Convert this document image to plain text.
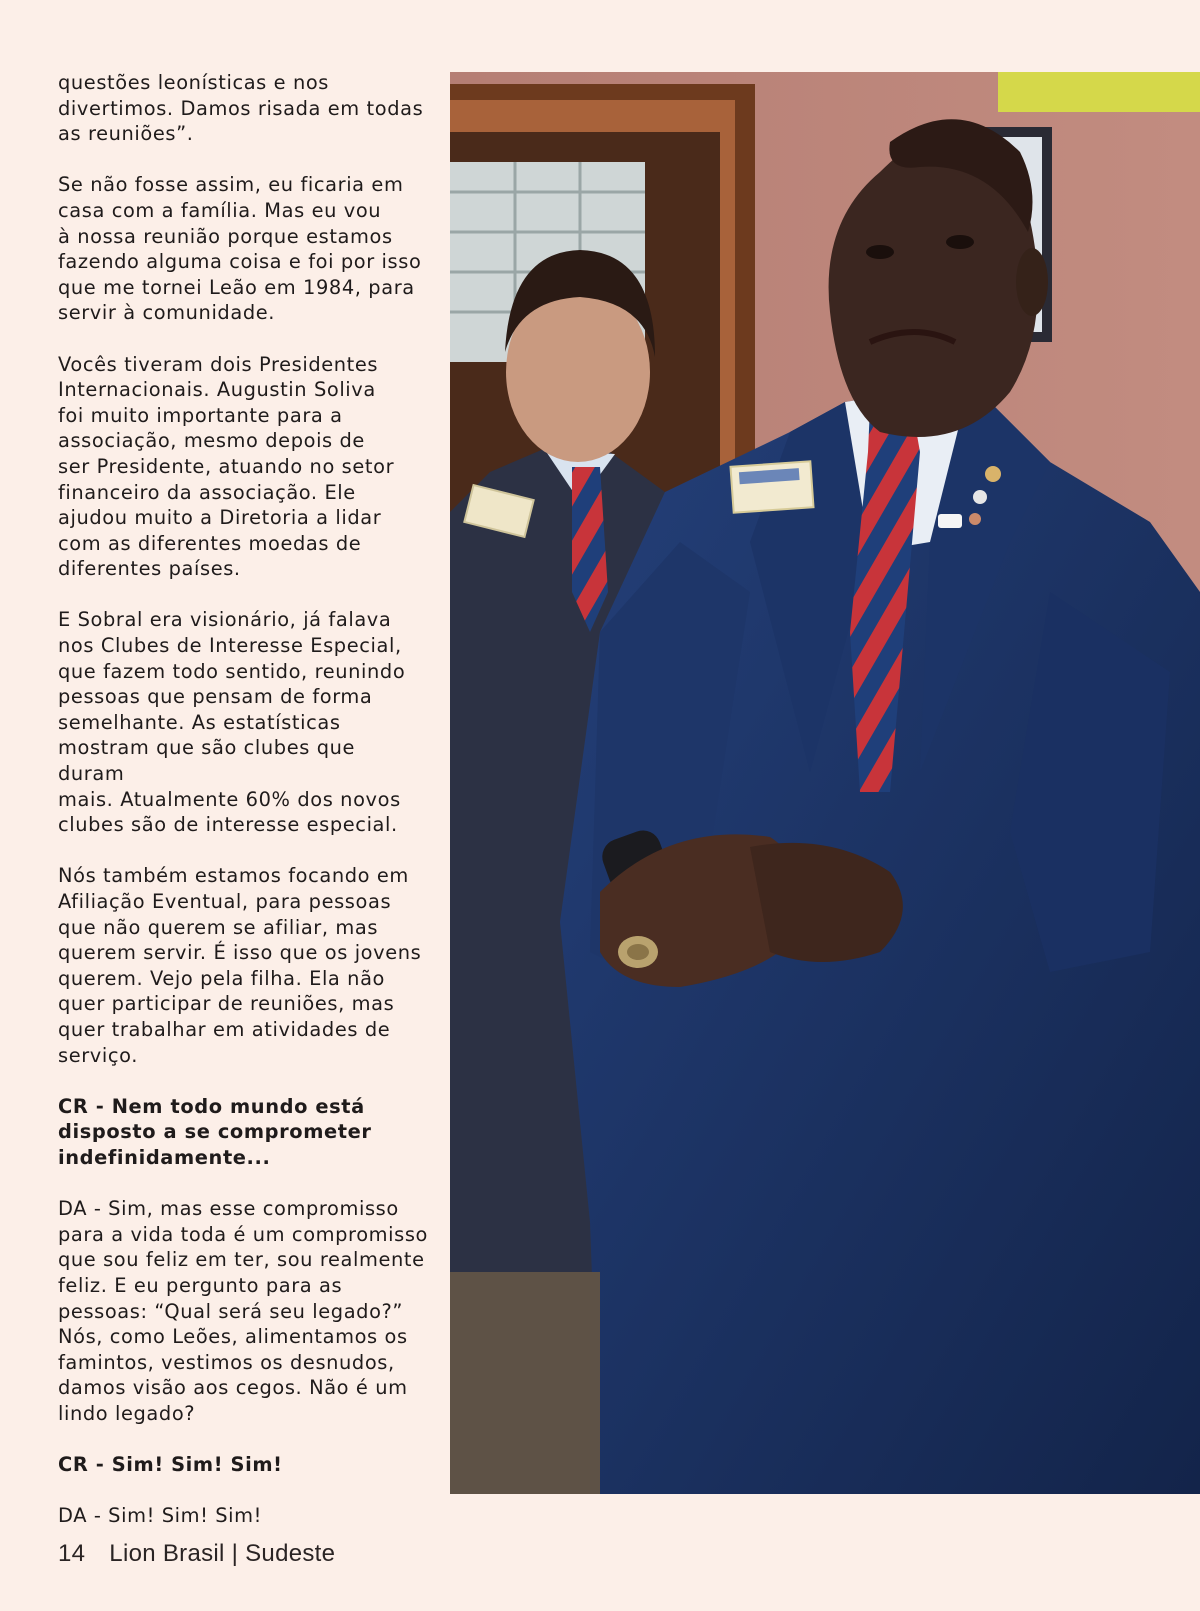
questões leonísticas e nos
divertimos. Damos risada em todas
as reuniões”.

Se não fosse assim, eu ficaria em
casa com a família. Mas eu vou
à nossa reunião porque estamos
fazendo alguma coisa e foi por isso
que me tornei Leão em 1984, para
servir à comunidade.

Vocês tiveram dois Presidentes
Internacionais. Augustin Soliva
foi muito importante para a
associação, mesmo depois de
ser Presidente, atuando no setor
financeiro da associação. Ele
ajudou muito a Diretoria a lidar
com as diferentes moedas de
diferentes países.

E Sobral era visionário, já falava
nos Clubes de Interesse Especial,
que fazem todo sentido, reunindo
pessoas que pensam de forma
semelhante. As estatísticas
mostram que são clubes que duram
mais. Atualmente 60% dos novos
clubes são de interesse especial.

Nós também estamos focando em
Afiliação Eventual, para pessoas
que não querem se afiliar, mas
querem servir. É isso que os jovens
querem. Vejo pela filha. Ela não
quer participar de reuniões, mas
quer trabalhar em atividades de
serviço.

CR - Nem todo mundo está
disposto a se comprometer
indefinidamente...

DA - Sim, mas esse compromisso
para a vida toda é um compromisso
que sou feliz em ter, sou realmente
feliz. E eu pergunto para as
pessoas: “Qual será seu legado?”
Nós, como Leões, alimentamos os
famintos, vestimos os desnudos,
damos visão aos cegos. Não é um
lindo legado?

CR - Sim! Sim! Sim!

DA - Sim! Sim! Sim!

14 Lion Brasil | Sudeste
